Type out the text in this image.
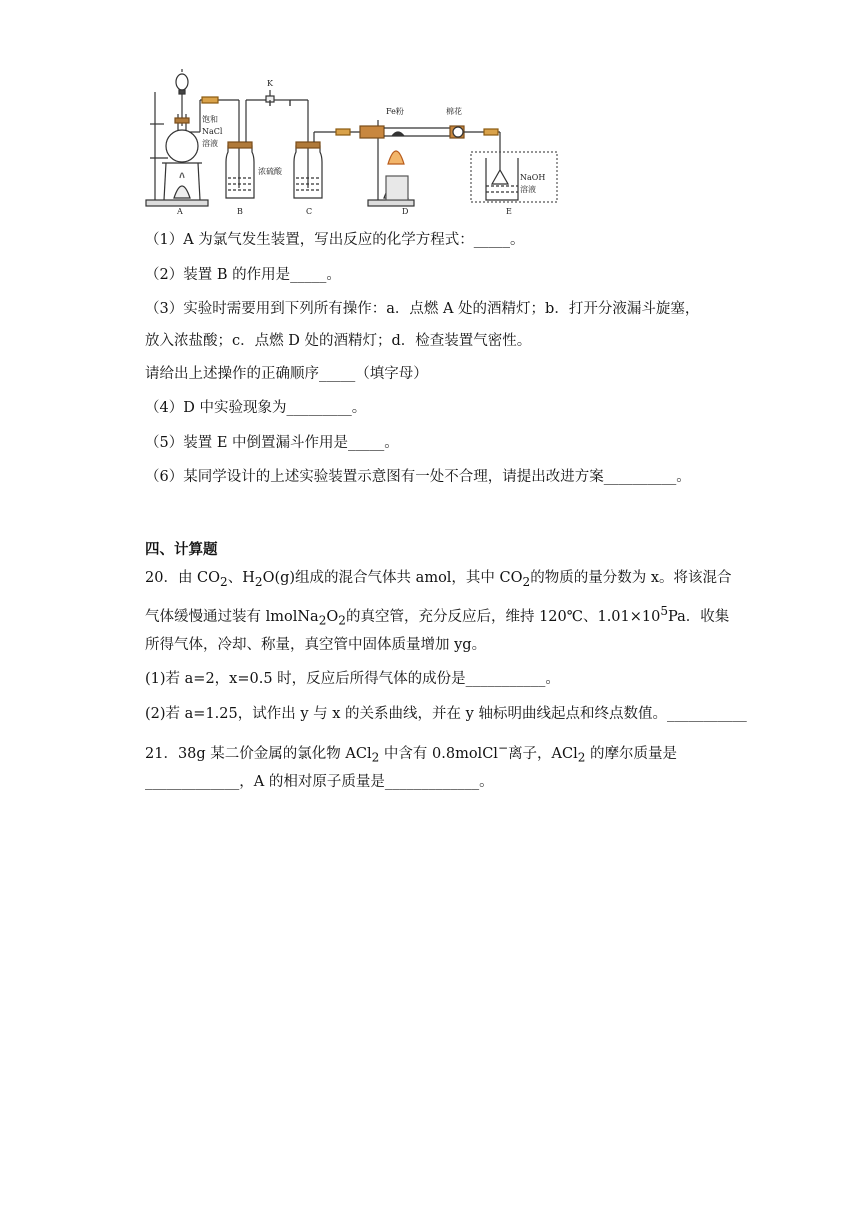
K
饱和
NaCl
溶液
浓硫酸
Fe粉	棉花
NaOH
溶液
A	B	C	D	E
（1）A 为氯气发生装置，写出反应的化学方程式：_____。
（2）装置 B 的作用是_____。
（3）实验时需要用到下列所有操作：a．点燃 A 处的酒精灯；b．打开分液漏斗旋塞，
放入浓盐酸；c．点燃 D 处的酒精灯；d．检查装置气密性。
请给出上述操作的正确顺序_____（填字母）
（4）D 中实验现象为_________。
（5）装置 E 中倒置漏斗作用是_____。
（6）某同学设计的上述实验装置示意图有一处不合理，请提出改进方案__________。
四、计算题
20．由 $CO_2$、$H_2O(g)$组成的混合气体共 amol，其中 $CO_2$的物质的量分数为 x。将该混合
气体缓慢通过装有 $lmolNa_2O_2$的真空管，充分反应后，维持 120℃、$1.01\times 10^5Pa$．收集
所得气体，冷却、称量，真空管中固体质量增加 yg。
(1)若 a=2，x=0.5 时，反应后所得气体的成份是___________。
(2)若 a=1.25，试作出 y 与 x 的关系曲线，并在 y 轴标明曲线起点和终点数值。___________
21．38g 某二价金属的氯化物 ACl$_2$ 中含有 0.8molCl−离子，ACl$_2$ 的摩尔质量是
_____________，A 的相对原子质量是_____________。
